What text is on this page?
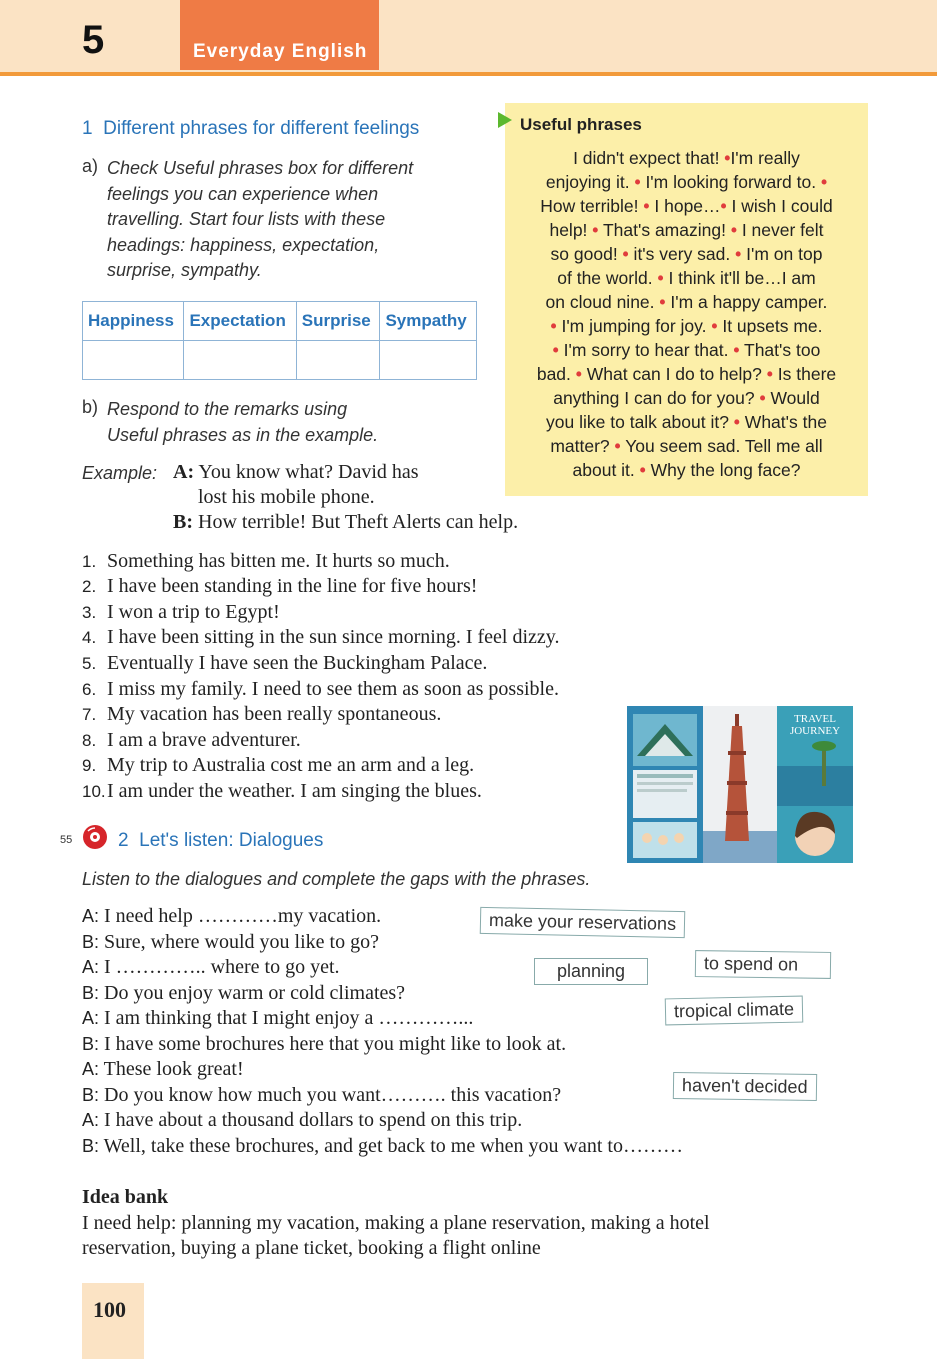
5	Everyday English
1 Different phrases for different feelings
a) Check Useful phrases box for different
feelings you can experience when
travelling. Start four lists with these
headings: happiness, expectation,
surprise, sympathy.
Happiness	Expectation	Surprise	Sympathy

b) Respond to the remarks using
Useful phrases as in the example.
Example: A: You know what? David has
lost his mobile phone.
B: How terrible! But Theft Alerts can help.
1. Something has bitten me. It hurts so much.
2. I have been standing in the line for five hours!
3. I won a trip to Egypt!
4. I have been sitting in the sun since morning. I feel dizzy.
5. Eventually I have seen the Buckingham Palace.
6. I miss my family. I need to see them as soon as possible.
7. My vacation has been really spontaneous.
8. I am a brave adventurer.
9. My trip to Australia cost me an arm and a leg.
10.I am under the weather. I am singing the blues.
Useful phrases
I didn't expect that! •I'm really
enjoying it. • I'm looking forward to. •
How terrible! • I hope…• I wish I could
help! • That's amazing! • I never felt
so good! • it's very sad. • I'm on top
of the world. • I think it'll be…I am
on cloud nine. • I'm a happy camper.
• I'm jumping for joy. • It upsets me.
• I'm sorry to hear that. • That's too
bad. • What can I do to help? • Is there
anything I can do for you? • Would
you like to talk about it? • What's the
matter? • You seem sad. Tell me all
about it. • Why the long face?
TRAVEL
JOURNEY
55 2 Let's listen: Dialogues
Listen to the dialogues and complete the gaps with the phrases.
A: I need help …………my vacation.
B: Sure, where would you like to go?
A: I ………….. where to go yet.
B: Do you enjoy warm or cold climates?
A: I am thinking that I might enjoy a …………...
B: I have some brochures here that you might like to look at.
A: These look great!
B: Do you know how much you want………. this vacation?
A: I have about a thousand dollars to spend on this trip.
B: Well, take these brochures, and get back to me when you want to………
make your reservations
to spend on
planning
tropical climate
haven't decided
Idea bank
I need help: planning my vacation, making a plane reservation, making a hotel
reservation, buying a plane ticket, booking a flight online
100
